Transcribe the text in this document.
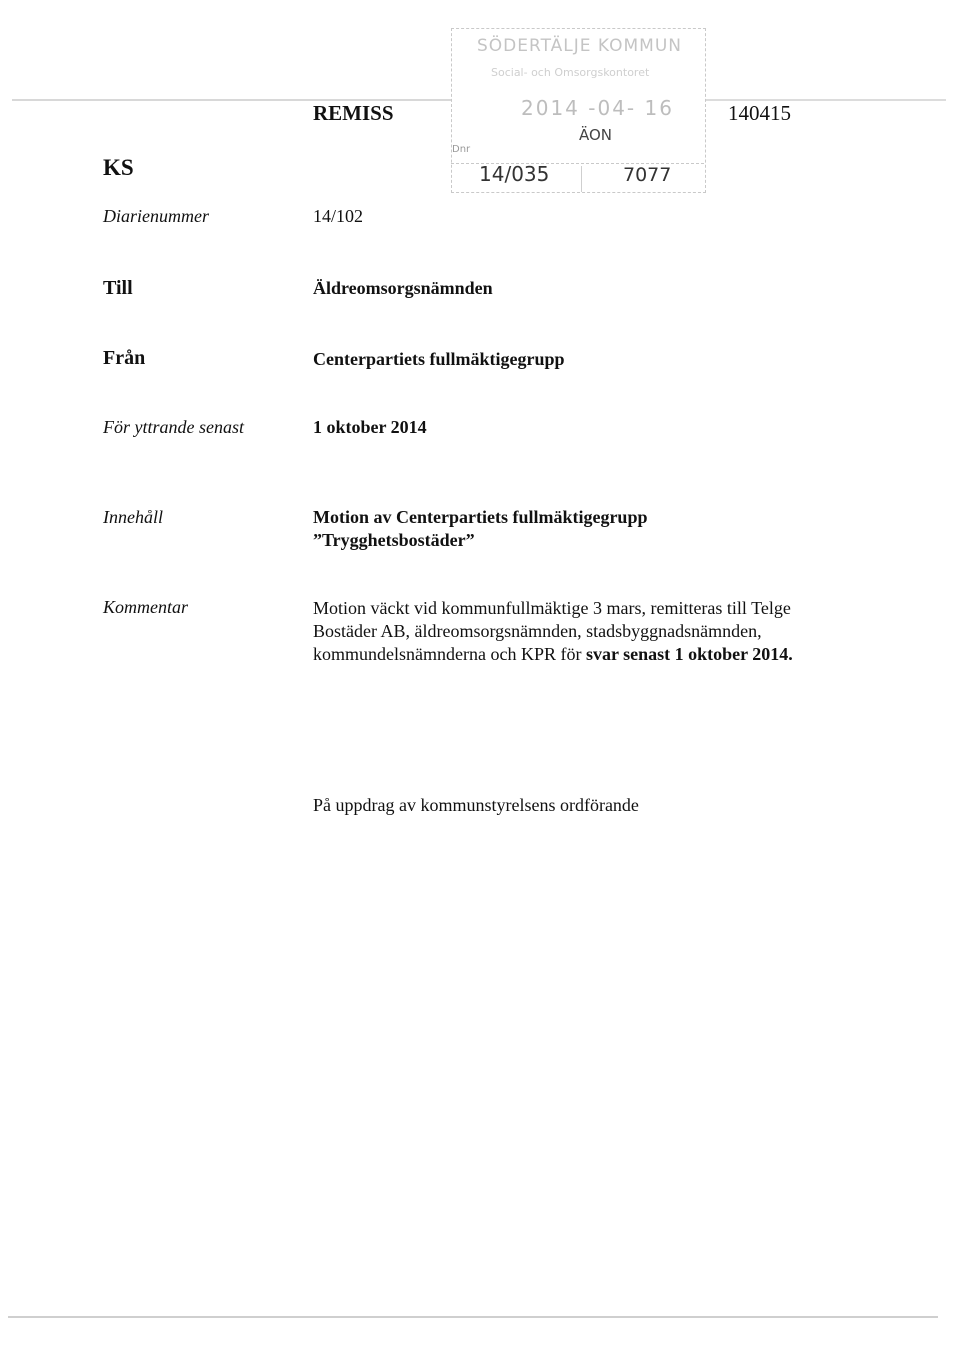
SÖDERTÄLJE KOMMUN
Social- och Omsorgskontoret
2014 -04- 16
ÄON
Dnr
14/035	7077
REMISS	140415
KS
Diarienummer	14/102
Till	Äldreomsorgsnämnden
Från	Centerpartiets fullmäktigegrupp
För yttrande senast	1 oktober 2014
Innehåll	Motion av Centerpartiets fullmäktigegrupp
”Trygghetsbostäder”
Kommentar	Motion väckt vid kommunfullmäktige 3 mars, remitteras till Telge
Bostäder AB, äldreomsorgsnämnden, stadsbyggnadsnämnden,
kommundelsnämnderna och KPR för svar senast 1 oktober 2014.
På uppdrag av kommunstyrelsens ordförande
